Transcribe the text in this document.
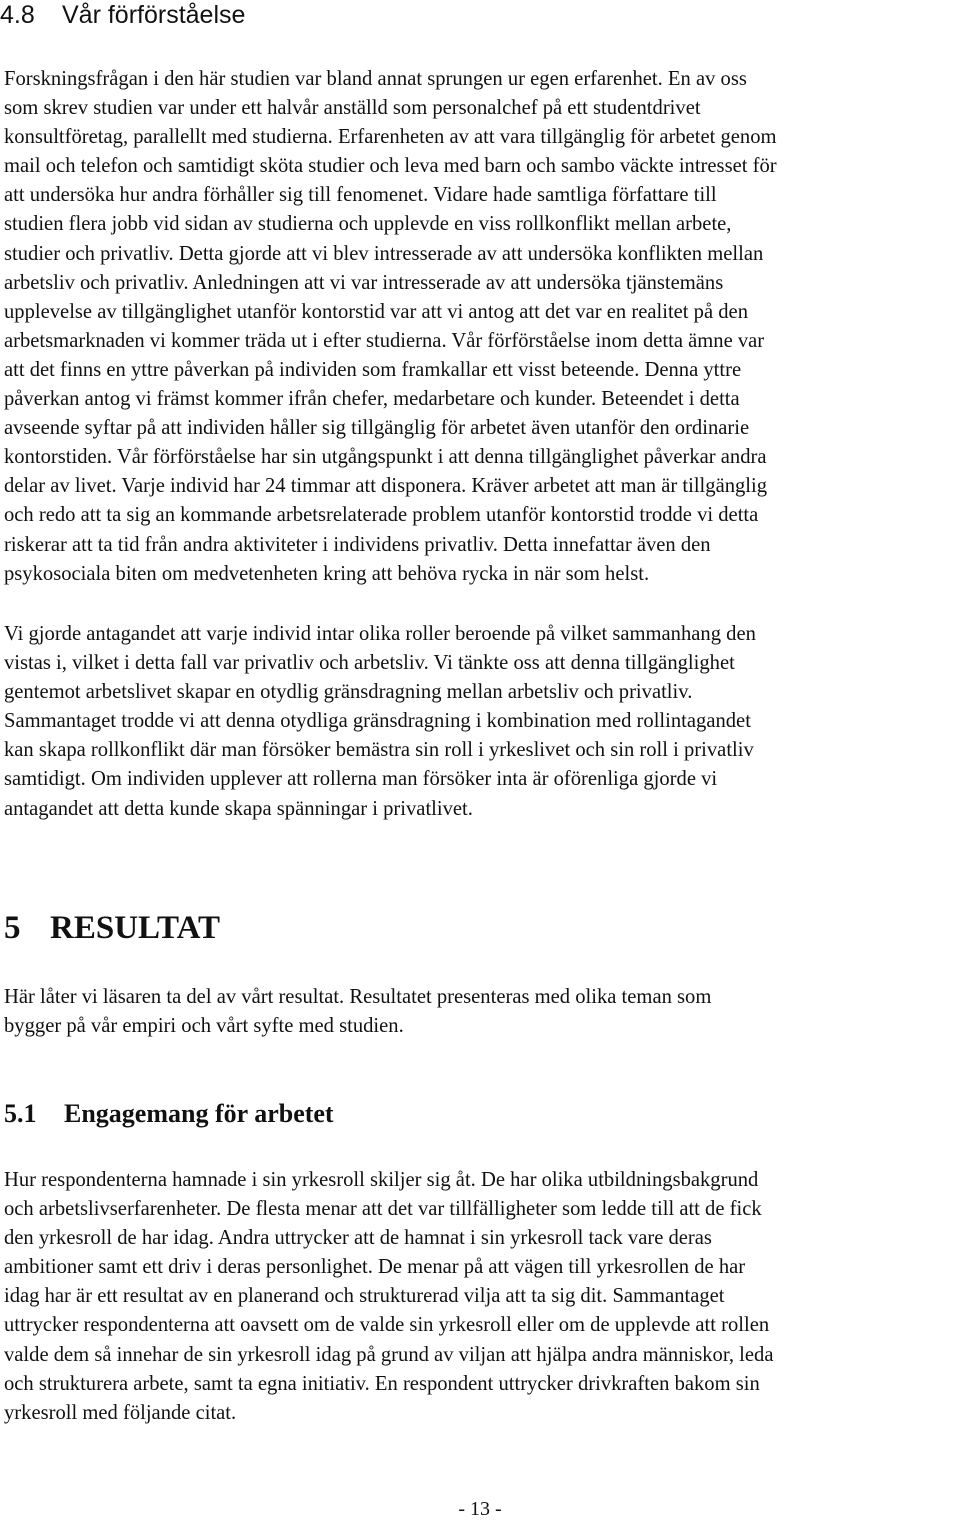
4.8 Vår förförståelse

Forskningsfrågan i den här studien var bland annat sprungen ur egen erfarenhet. En av oss
som skrev studien var under ett halvår anställd som personalchef på ett studentdrivet
konsultföretag, parallellt med studierna. Erfarenheten av att vara tillgänglig för arbetet genom
mail och telefon och samtidigt sköta studier och leva med barn och sambo väckte intresset för
att undersöka hur andra förhåller sig till fenomenet. Vidare hade samtliga författare till
studien flera jobb vid sidan av studierna och upplevde en viss rollkonflikt mellan arbete,
studier och privatliv. Detta gjorde att vi blev intresserade av att undersöka konflikten mellan
arbetsliv och privatliv. Anledningen att vi var intresserade av att undersöka tjänstemäns
upplevelse av tillgänglighet utanför kontorstid var att vi antog att det var en realitet på den
arbetsmarknaden vi kommer träda ut i efter studierna. Vår förförståelse inom detta ämne var
att det finns en yttre påverkan på individen som framkallar ett visst beteende. Denna yttre
påverkan antog vi främst kommer ifrån chefer, medarbetare och kunder. Beteendet i detta
avseende syftar på att individen håller sig tillgänglig för arbetet även utanför den ordinarie
kontorstiden. Vår förförståelse har sin utgångspunkt i att denna tillgänglighet påverkar andra
delar av livet. Varje individ har 24 timmar att disponera. Kräver arbetet att man är tillgänglig
och redo att ta sig an kommande arbetsrelaterade problem utanför kontorstid trodde vi detta
riskerar att ta tid från andra aktiviteter i individens privatliv. Detta innefattar även den
psykosociala biten om medvetenheten kring att behöva rycka in när som helst.

Vi gjorde antagandet att varje individ intar olika roller beroende på vilket sammanhang den
vistas i, vilket i detta fall var privatliv och arbetsliv. Vi tänkte oss att denna tillgänglighet
gentemot arbetslivet skapar en otydlig gränsdragning mellan arbetsliv och privatliv.
Sammantaget trodde vi att denna otydliga gränsdragning i kombination med rollintagandet
kan skapa rollkonflikt där man försöker bemästra sin roll i yrkeslivet och sin roll i privatliv
samtidigt. Om individen upplever att rollerna man försöker inta är oförenliga gjorde vi
antagandet att detta kunde skapa spänningar i privatlivet.

5 RESULTAT

Här låter vi läsaren ta del av vårt resultat. Resultatet presenteras med olika teman som
bygger på vår empiri och vårt syfte med studien.

5.1 Engagemang för arbetet

Hur respondenterna hamnade i sin yrkesroll skiljer sig åt. De har olika utbildningsbakgrund
och arbetslivserfarenheter. De flesta menar att det var tillfälligheter som ledde till att de fick
den yrkesroll de har idag. Andra uttrycker att de hamnat i sin yrkesroll tack vare deras
ambitioner samt ett driv i deras personlighet. De menar på att vägen till yrkesrollen de har
idag har är ett resultat av en planerand och strukturerad vilja att ta sig dit. Sammantaget
uttrycker respondenterna att oavsett om de valde sin yrkesroll eller om de upplevde att rollen
valde dem så innehar de sin yrkesroll idag på grund av viljan att hjälpa andra människor, leda
och strukturera arbete, samt ta egna initiativ. En respondent uttrycker drivkraften bakom sin
yrkesroll med följande citat.

- 13 -
